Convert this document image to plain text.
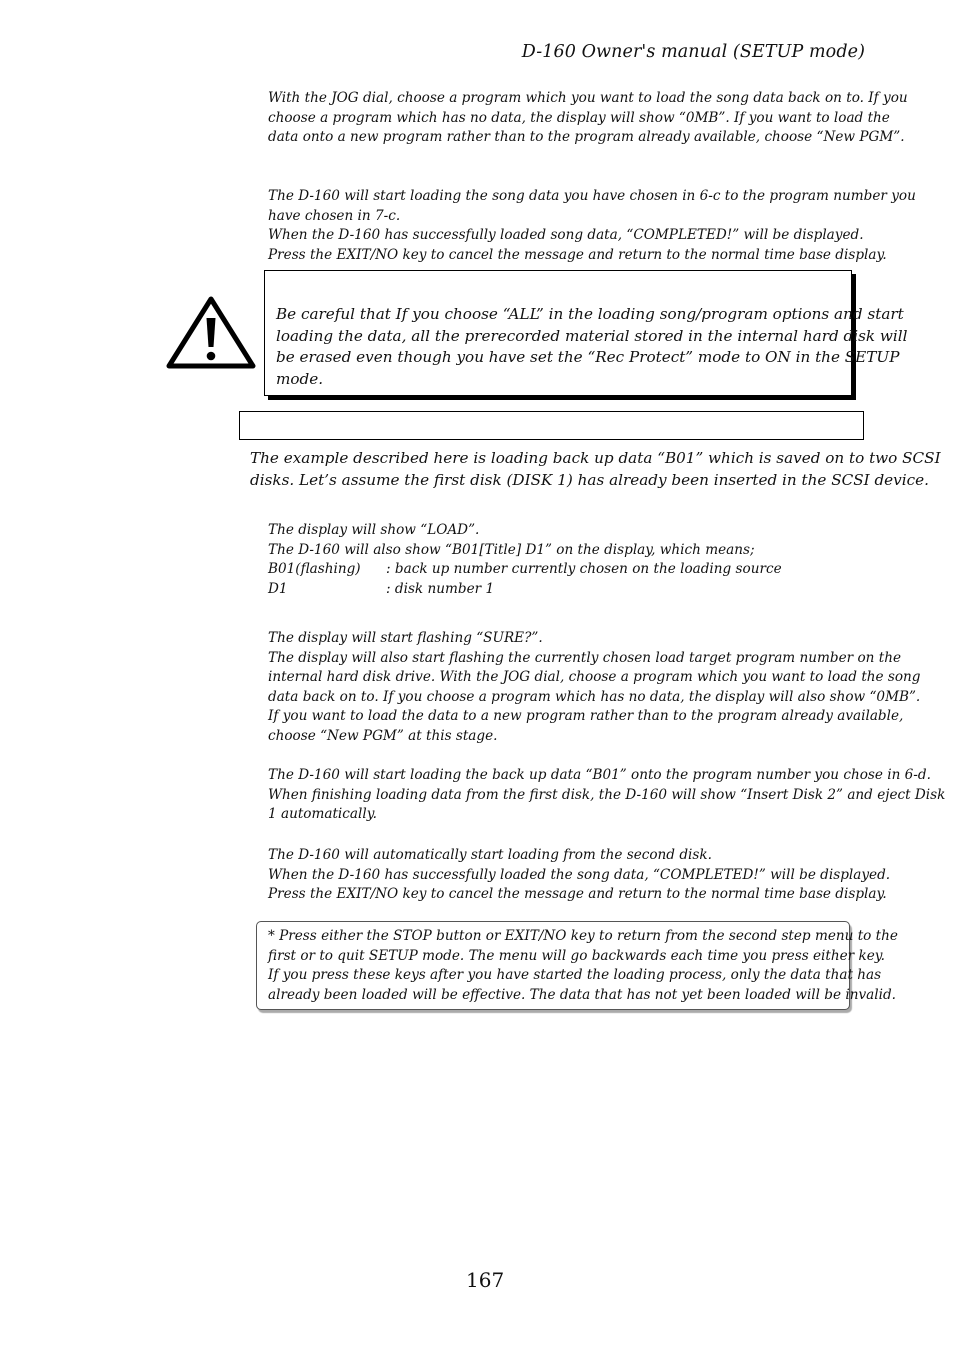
D-160 Owner's manual (SETUP mode)
With the JOG dial, choose a program which you want to load the song data back on to. If you
choose a program which has no data, the display will show “0MB”. If you want to load the
data onto a new program rather than to the program already available, choose “New PGM”.
The D-160 will start loading the song data you have chosen in 6-c to the program number you
have chosen in 7-c.
When the D-160 has successfully loaded song data, “COMPLETED!” will be displayed.
Press the EXIT/NO key to cancel the message and return to the normal time base display.
Be careful that If you choose “ALL” in the loading song/program options and start
loading the data, all the prerecorded material stored in the internal hard disk will
be erased even though you have set the “Rec Protect” mode to ON in the SETUP
mode.
The example described here is loading back up data “B01” which is saved on to two SCSI
disks. Let’s assume the first disk (DISK 1) has already been inserted in the SCSI device.
The display will show “LOAD”.
The D-160 will also show “B01[Title] D1” on the display, which means;
B01(flashing) : back up number currently chosen on the loading source
D1	: disk number 1
The display will start flashing “SURE?”.
The display will also start flashing the currently chosen load target program number on the
internal hard disk drive. With the JOG dial, choose a program which you want to load the song
data back on to. If you choose a program which has no data, the display will also show “0MB”.
If you want to load the data to a new program rather than to the program already available,
choose “New PGM” at this stage.
The D-160 will start loading the back up data “B01” onto the program number you chose in 6-d.
When finishing loading data from the first disk, the D-160 will show “Insert Disk 2” and eject Disk
1 automatically.
The D-160 will automatically start loading from the second disk.
When the D-160 has successfully loaded the song data, “COMPLETED!” will be displayed.
Press the EXIT/NO key to cancel the message and return to the normal time base display.
* Press either the STOP button or EXIT/NO key to return from the second step menu to the
first or to quit SETUP mode. The menu will go backwards each time you press either key.
If you press these keys after you have started the loading process, only the data that has
already been loaded will be effective. The data that has not yet been loaded will be invalid.
167
